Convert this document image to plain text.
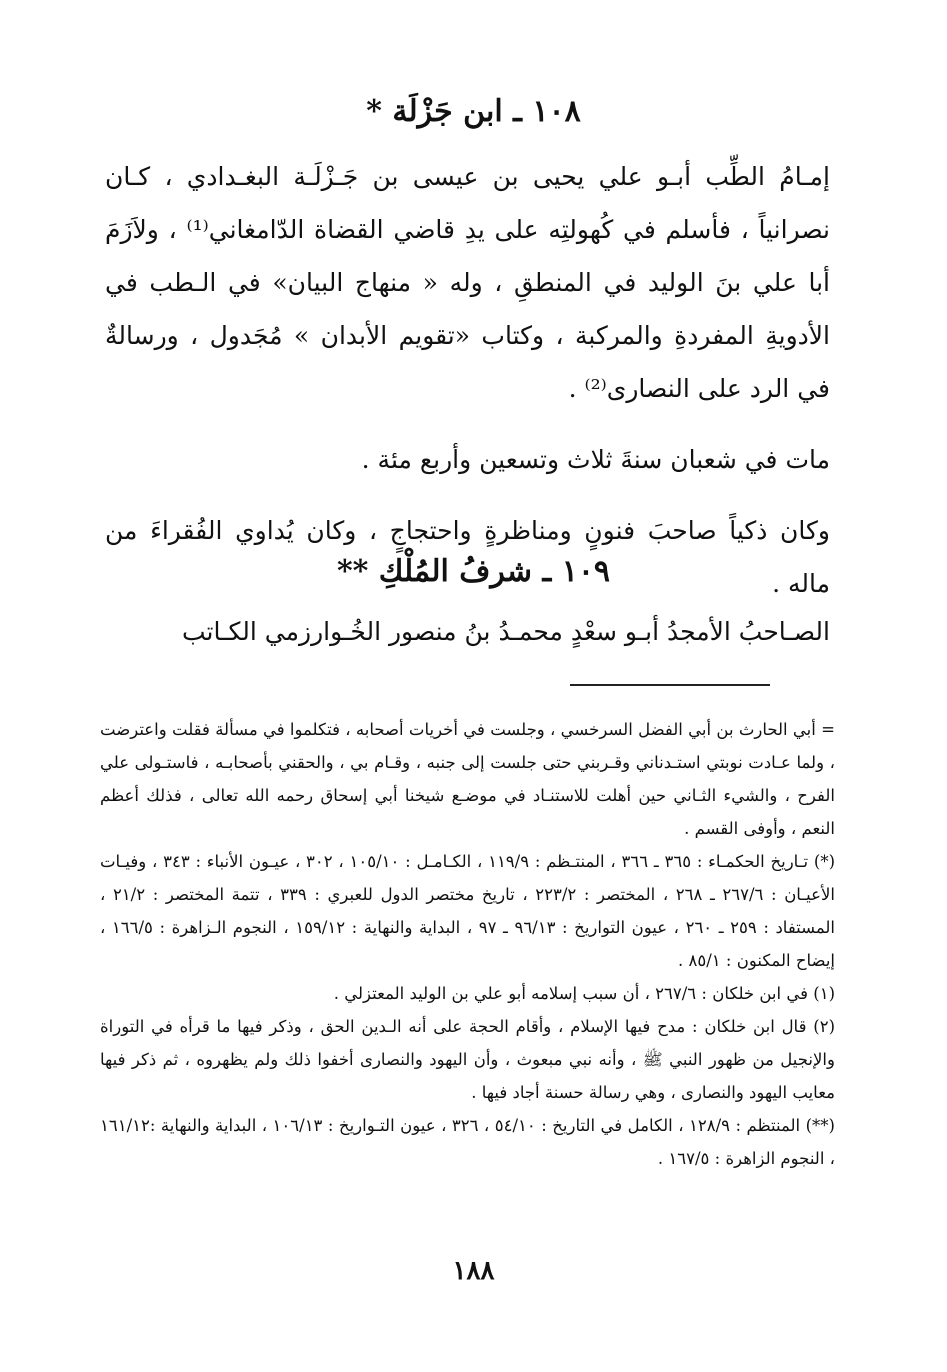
١٠٨ ـ ابن جَزْلَة *

إمـامُ الطِّب أبـو علي يحيى بن عيسى بن جَـزْلَـة البغـدادي ، كـان نصرانياً ، فأسلم في كُهولتِه على يدِ قاضي القضاة الدّامغاني⁽¹⁾ ، ولاَزَمَ أبا علي بنَ الوليد في المنطقِ ، وله « منهاج البيان» في الـطب في الأدويةِ المفردةِ والمركبة ، وكتاب «تقويم الأبدان » مُجَدول ، ورسالةٌ في الرد على النصارى⁽²⁾ .

مات في شعبان سنةَ ثلاث وتسعين وأربع مئة .

وكان ذكياً صاحبَ فنونٍ ومناظرةٍ واحتجاجٍ ، وكان يُداوي الفُقراءَ من ماله .

١٠٩ ـ شرفُ المُلْكِ **

الصـاحبُ الأمجدُ أبـو سعْدٍ محمـدُ بنُ منصور الخُـوارزمي الكـاتب

= أبي الحارث بن أبي الفضل السرخسي ، وجلست في أخريات أصحابه ، فتكلموا في مسألة فقلت واعترضت ، ولما عـادت نوبتي استـدناني وقـربني حتى جلست إلى جنبه ، وقـام بي ، والحقني بأصحابـه ، فاستـولى علي الفرح ، والشيء الثـاني حين أهلت للاستنـاد في موضـع شيخنا أبي إسحاق رحمه الله تعالى ، فذلك أعظم النعم ، وأوفى القسم .

(*) تـاريخ الحكمـاء : ٣٦٥ ـ ٣٦٦ ، المنتـظم : ١١٩/٩ ، الكـامـل : ١٠٥/١٠ ، ٣٠٢ ، عيـون الأنباء : ٣٤٣ ، وفيـات الأعيـان : ٢٦٧/٦ ـ ٢٦٨ ، المختصر : ٢٢٣/٢ ، تاريخ مختصر الدول للعبري : ٣٣٩ ، تتمة المختصر : ٢١/٢ ، المستفاد : ٢٥٩ ـ ٢٦٠ ، عيون التواريخ : ٩٦/١٣ ـ ٩٧ ، البداية والنهاية : ١٥٩/١٢ ، النجوم الـزاهرة : ١٦٦/٥ ، إيضاح المكنون : ٨٥/١ .

(١) في ابن خلكان : ٢٦٧/٦ ، أن سبب إسلامه أبو علي بن الوليد المعتزلي .

(٢) قال ابن خلكان : مدح فيها الإسلام ، وأقام الحجة على أنه الـدين الحق ، وذكر فيها ما قرأه في التوراة والإنجيل من ظهور النبي ﷺ ، وأنه نبي مبعوث ، وأن اليهود والنصارى أخفوا ذلك ولم يظهروه ، ثم ذكر فيها معايب اليهود والنصارى ، وهي رسالة حسنة أجاد فيها .

(**) المنتظم : ١٢٨/٩ ، الكامل في التاريخ : ٥٤/١٠ ، ٣٢٦ ، عيون التـواريخ : ١٠٦/١٣ ، البداية والنهاية :١٦١/١٢ ، النجوم الزاهرة : ١٦٧/٥ .

١٨٨
